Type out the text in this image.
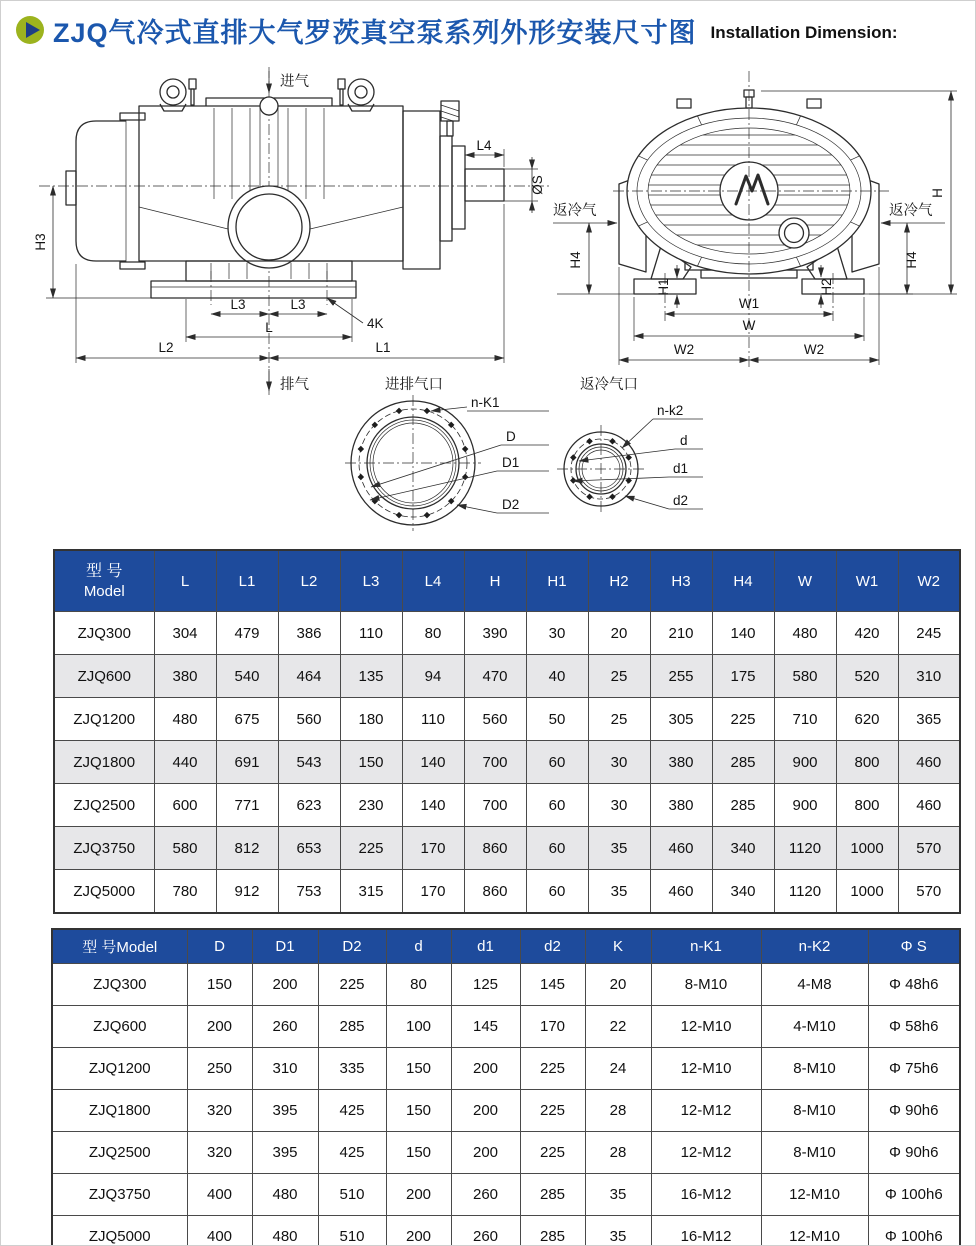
ZJQ气冷式直排大气罗茨真空泵系列外形安装尺寸图 Installation Dimension:
进气
H3
L4
ØS
L3	L3
L
L2	L1
排气
4K
返冷气	返冷气
H
H4	H4
H1	H2
W1
W
W2	W2
进排气口
n-K1
D
D1
D2
返冷气口
n-k2
d
d1
d2
型 号
Model	L	L1	L2	L3	L4	H	H1	H2	H3	H4	W	W1	W2
ZJQ300	304	479	386	110	80	390	30	20	210	140	480	420	245
ZJQ600	380	540	464	135	94	470	40	25	255	175	580	520	310
ZJQ1200	480	675	560	180	110	560	50	25	305	225	710	620	365
ZJQ1800	440	691	543	150	140	700	60	30	380	285	900	800	460
ZJQ2500	600	771	623	230	140	700	60	30	380	285	900	800	460
ZJQ3750	580	812	653	225	170	860	60	35	460	340	1120	1000	570
ZJQ5000	780	912	753	315	170	860	60	35	460	340	1120	1000	570
型 号Model	D	D1	D2	d	d1	d2	K	n-K1	n-K2	Φ S
ZJQ300	150	200	225	80	125	145	20	8-M10	4-M8	Φ 48h6
ZJQ600	200	260	285	100	145	170	22	12-M10	4-M10	Φ 58h6
ZJQ1200	250	310	335	150	200	225	24	12-M10	8-M10	Φ 75h6
ZJQ1800	320	395	425	150	200	225	28	12-M12	8-M10	Φ 90h6
ZJQ2500	320	395	425	150	200	225	28	12-M12	8-M10	Φ 90h6
ZJQ3750	400	480	510	200	260	285	35	16-M12	12-M10	Φ 100h6
ZJQ5000	400	480	510	200	260	285	35	16-M12	12-M10	Φ 100h6
